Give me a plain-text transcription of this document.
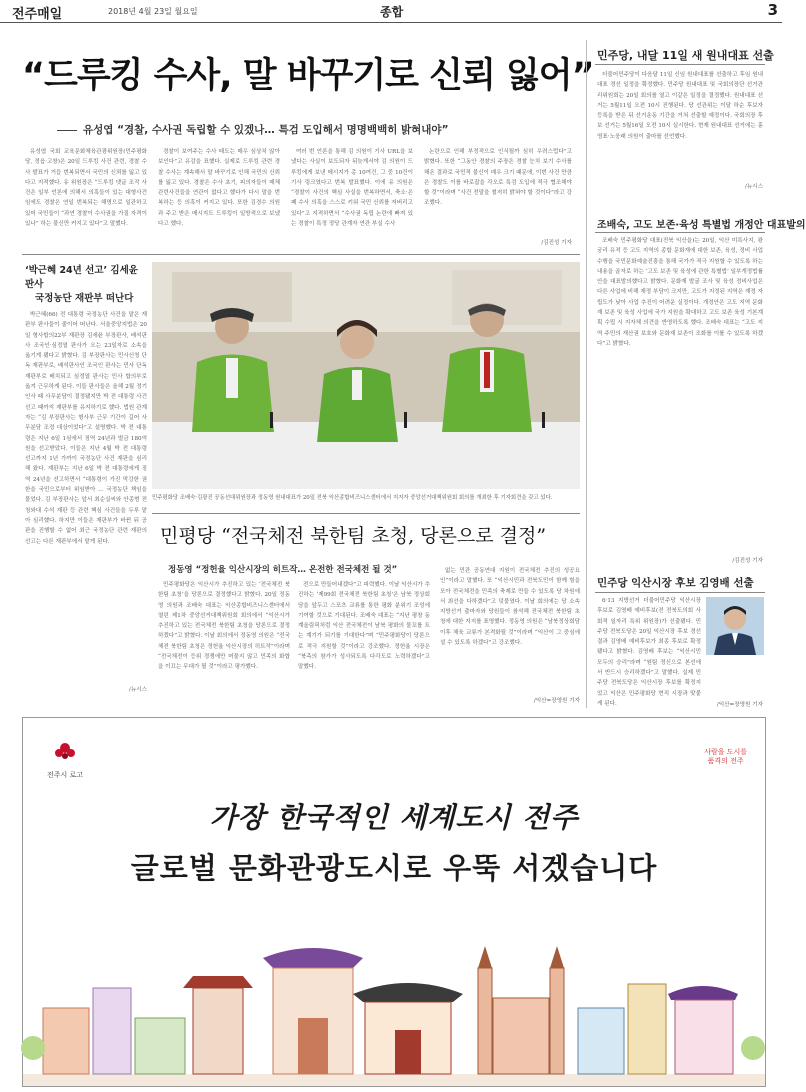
전주매일	2018년 4월 23일 월요일	종합	3
“드루킹 수사, 말 바꾸기로 신뢰 잃어”
유성엽 “경찰, 수사권 독립할 수 있겠나… 특검 도입해서 명명백백히 밝혀내야”

유성엽 국회 교육문화체육관광위원장(민주평화당, 정읍·고창)은 20일 드루킹 사건 관련, 경찰 수사 발표가 거듭 번복되면서 국민의 신뢰를 잃고 있다고 지적했다. 유 위원장은 “드루킹 댓글 조작 사건은 일부 언론에 의해서 의혹들이 있는 대형사건임에도 경찰은 연일 번복되는 해명으로 일관하고 있어 국민들이 “과연 경찰이 수사권을 가질 자격이 있나” 하는 불신만 커지고 있다”고 말했다.

경찰이 보여주는 수사 태도는 매우 심상치 않아 보인다”고 유감을 표했다. 실제로 드루킹 관련 경찰 수사는 계속해서 말 바꾸기로 인해 국민의 신뢰를 잃고 있다. 경찰은 수사 초기, 피의자들이 매체 관련사건들을 연관이 없다고 했다가 다시 말을 번복하는 등 의혹이 커지고 있다. 또한 김경수 의원과 주고 받은 메시지도 드루킹이 일방적으로 보냈다고 했다.

여러 번 언론을 통해 김 의원이 기사 URL을 보냈다는 사실이 보도되자 뒤늦게서야 김 의원이 드루킹에게 보낸 메시지가 총 10여건, 그 중 10건이 기사 링크였다고 번복 발표했다. 이에 유 의원은 “경찰이 사건의 핵심 사실을 번복하면서, 축소·은폐 수사 의혹을 스스로 키워 국민 신뢰를 저버리고 있다”고 지적하면서 “수사권 독립 논란에 빠져 있는 경찰이 특정 정당 관계자 연관 부실 수사

논란으로 인해 부정적으로 인식될까 심히 우려스럽다”고 밝혔다. 또한 “그동안 경찰의 주장은 경찰 눈치 보기 수사를 해온 결과로 국민적 불신이 매우 크기 때문에, 이번 사건 만큼은 경찰도 이를 바로잡을 각오로 특검 도입에 적극 협조해야 할 것”이라며 “사건 전말을 철저히 밝혀야 할 것이다”라고 강조했다.

/김진성 기자

‘박근혜 24년 선고’ 김세윤 판사

국정농단 재판부 떠난다

박근혜(66) 전 대통령 국정농단 사건을 맡은 재판부 판사들이 줄이어 떠난다. 서울중앙지법은 20일 형사합의22부 재판장 김세윤 부장판사, 배석판사 조국인·심정열 판사가 오는 23일자로 소속을 옮기게 됐다고 밝혔다. 김 부장판사는 민사신청 단독 재판부로, 배석판사인 조국인 판사는 민사 단독 재판부로 배치되고 심정열 판사는 민사 합의부로 옮겨 근무하게 된다. 이들 판사들은 올해 2월 정기인사 때 사무분담이 결정됐지만 박 전 대통령 사건 선고 때까지 재판부를 유지하기로 했다. 법원 관계자는 “김 부장판사는 형사부 근무 기간이 길어 사무분담 조정 대상이었다”고 설명했다. 박 전 대통령은 지난 6일 1심에서 징역 24년과 벌금 180억원을 선고받았다. 이들은 지난 4월 박 전 대통령 선고까지 1년 가까이 국정농단 사건 재판을 심리해 왔다. 재판부는 지난 6일 박 전 대통령에게 징역 24년을 선고하면서 “대통령이 가진 막강한 권한을 국민으로부터 위임받아 ... 국정농단 책임을 물었다. 김 부장판사는 앞서 최순실씨와 안종범 전 청와대 수석 재판 등 관련 핵심 사건들을 두루 맡아 심리했다. 하지만 이들은 재판부가 바뀐 뒤 공판을 진행할 수 없어 최근 국정농단 관련 재판의 선고는 다른 재판부에서 맡게 된다.

/뉴시스
민주평화당 조배숙·김광진 공동선대위원장과 정동영 원내대표가 20일 전북 익산종합비즈니스센터에서 지지자 중앙선거대책위원회 회의를 개최한 후 기자회견을 갖고 있다.
민평당 “전국체전 북한팀 초청, 당론으로 결정”
정동영 “정헌율 익산시장의 히트작… 온전한 전국체전 될 것”

민주평화당은 익산시가 추진하고 있는 ‘전국체전 북한팀 초청’을 당론으로 결정했다고 밝혔다. 20일 정동영 의원과 조배숙 대표는 익산종합비즈니스센터에서 열린 제1차 중앙선거대책위원회 회의에서 “익산시가 추진하고 있는 전국체전 북한팀 초청을 당론으로 결정하겠다”고 밝혔다. 이날 회의에서 정동영 의원은 “전국체전 북한팀 초청은 정헌율 익산시장의 히트작”이라며 “전국체전이 등위 경쟁에만 머물지 않고 민족의 화합을 이끄는 무대가 될 것”이라고 평가했다.

전으로 만들어내겠다”고 피력했다. 이날 익산시가 추진하는 ‘제99회 전국체전 북한팀 초청’은 남북 정상회담을 앞두고 스포츠 교류를 통한 평화 분위기 조성에 기여할 것으로 기대된다. 조배숙 대표는 “지난 평창 동계올림픽처럼 익산 전국체전이 남북 평화의 물꼬를 트는 계기가 되기를 기대한다”며 “민주평화당이 당론으로 적극 지원할 것”이라고 강조했다. 정헌율 시장은 “북측의 참가가 성사되도록 다각도로 노력하겠다”고 말했다.

없는 민관 공동연대 지원이 전국체전 추진의 성공요인”이라고 말했다. 또 “익산시민과 전북도민이 함께 힘을 모아 전국체전을 민족의 축제로 만들 수 있도록 당 차원에서 최선을 다하겠다”고 덧붙였다. 이날 회의에는 당 소속 지방선거 출마자와 당원들이 참석해 전국체전 북한팀 초청에 대한 지지를 표명했다. 정동영 의원은 “남북정상회담 이후 체육 교류가 본격화될 것”이라며 “익산이 그 중심에 설 수 있도록 하겠다”고 강조했다.

/익산=장영원 기자
민주당, 내달 11일 새 원내대표 선출

더불어민주당이 다음달 11일 신임 원내대표를 선출하고 후임 원내대표 경선 일정을 확정했다. 민주당 원내대표 및 국회의장단 선거관리위원회는 20일 회의를 열고 이같은 일정을 결정했다. 원내대표 선거는 5월11일 오전 10시 진행된다. 당 선관위는 이달 하순 후보자 등록을 받은 뒤 선거운동 기간을 거쳐 선출할 예정이다. 국회의장 후보 선거는 5월16일 오전 10시 실시한다. 현재 원내대표 선거에는 홍영표·노웅래 의원이 출마를 선언했다.

/뉴시스
조배숙, 고도 보존·육성 특별법 개정안 대표발의

조배숙 민주평화당 대표(전북 익산을)는 20일, 익산 미륵사지, 왕궁리 유적 등 고도 지역의 종합 문화재에 대한 보존, 육성, 정비 사업 수행을 국민문화예술진흥을 통해 국가가 적극 지원할 수 있도록 하는 내용을 골자로 하는 ‘고도 보존 및 육성에 관한 특별법’ 일부개정법률안을 대표발의했다고 밝혔다. 문화재 발굴 조사 및 육성 정비사업은 다른 사업에 비해 재정 부담이 크지만, 고도가 지정된 지역은 재정 자립도가 낮아 사업 추진이 어려운 실정이다. 개정안은 고도 지역 문화재 보존 및 육성 사업에 국가 지원을 확대하고 고도 보존 육성 기본계획 수립 시 지자체 의견을 반영하도록 했다. 조배숙 대표는 “고도 지역 주민의 재산권 보호와 문화재 보존이 조화를 이룰 수 있도록 하겠다”고 밝혔다.

/김진성 기자
민주당 익산시장 후보 김영배 선출

6·13 지방선거 더불어민주당 익산시장 후보로 김영배 예비후보(전 전북도의회 사회적 일자리 특위 위원장)가 선출됐다. 민주당 전북도당은 20일 익산시장 후보 경선 결과 김영배 예비후보가 최종 후보로 확정됐다고 밝혔다. 김영배 후보는 “익산시민 모두의 승리”라며 “원팀 정신으로 본선에서 반드시 승리하겠다”고 말했다. 실제 민주당 전북도당은 익산시장 후보를 확정지었고 익산은 민주평화당 현직 시장과 맞붙게 된다.	/익산=장영원 기자
전주시 로고
사람을 도시를
품격의 전주
가장 한국적인 세계도시 전주
글로벌 문화관광도시로 우뚝 서겠습니다
